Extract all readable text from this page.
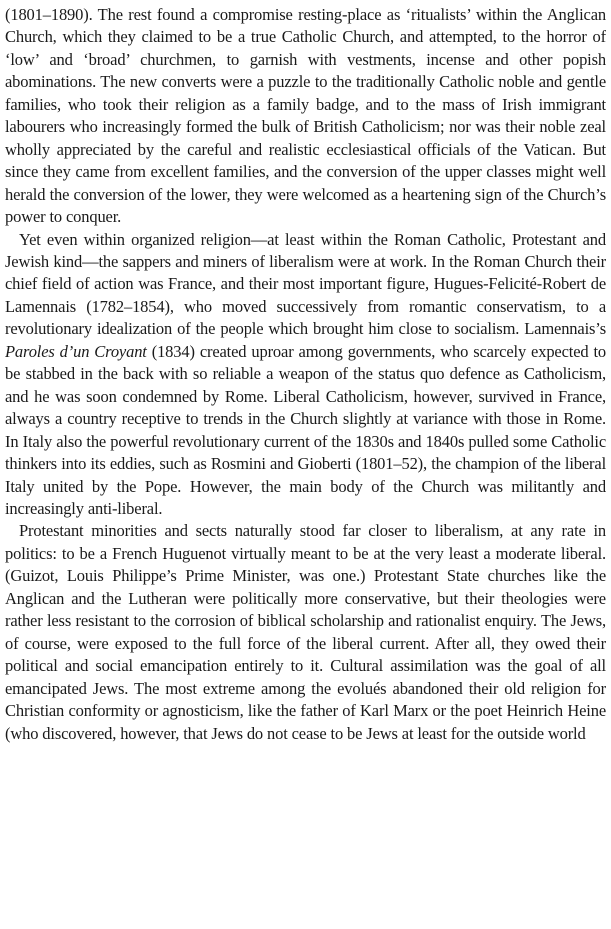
(1801–1890). The rest found a compromise resting-place as ‘ritualists’ within the Anglican Church, which they claimed to be a true Catholic Church, and attempted, to the horror of ‘low’ and ‘broad’ churchmen, to garnish with vestments, incense and other popish abominations. The new converts were a puzzle to the traditionally Catholic noble and gentle families, who took their religion as a family badge, and to the mass of Irish immigrant labourers who increasingly formed the bulk of British Catholicism; nor was their noble zeal wholly appreciated by the careful and realistic ecclesiastical officials of the Vatican. But since they came from excellent families, and the conversion of the upper classes might well herald the conversion of the lower, they were welcomed as a heartening sign of the Church’s power to conquer.

Yet even within organized religion—at least within the Roman Catholic, Protestant and Jewish kind—the sappers and miners of liberalism were at work. In the Roman Church their chief field of action was France, and their most important figure, Hugues-Felicité-Robert de Lamennais (1782–1854), who moved successively from romantic conservatism, to a revolutionary idealization of the people which brought him close to socialism. Lamennais’s Paroles d’un Croyant (1834) created uproar among governments, who scarcely expected to be stabbed in the back with so reliable a weapon of the status quo defence as Catholicism, and he was soon condemned by Rome. Liberal Catholicism, however, survived in France, always a country receptive to trends in the Church slightly at variance with those in Rome. In Italy also the powerful revolutionary current of the 1830s and 1840s pulled some Catholic thinkers into its eddies, such as Rosmini and Gioberti (1801–52), the champion of the liberal Italy united by the Pope. However, the main body of the Church was militantly and increasingly anti-liberal.

Protestant minorities and sects naturally stood far closer to liberalism, at any rate in politics: to be a French Huguenot virtually meant to be at the very least a moderate liberal. (Guizot, Louis Philippe’s Prime Minister, was one.) Protestant State churches like the Anglican and the Lutheran were politically more conservative, but their theologies were rather less resistant to the corrosion of biblical scholarship and rationalist enquiry. The Jews, of course, were exposed to the full force of the liberal current. After all, they owed their political and social emancipation entirely to it. Cultural assimilation was the goal of all emancipated Jews. The most extreme among the evolués abandoned their old religion for Christian conformity or agnosticism, like the father of Karl Marx or the poet Heinrich Heine (who discovered, however, that Jews do not cease to be Jews at least for the outside world
